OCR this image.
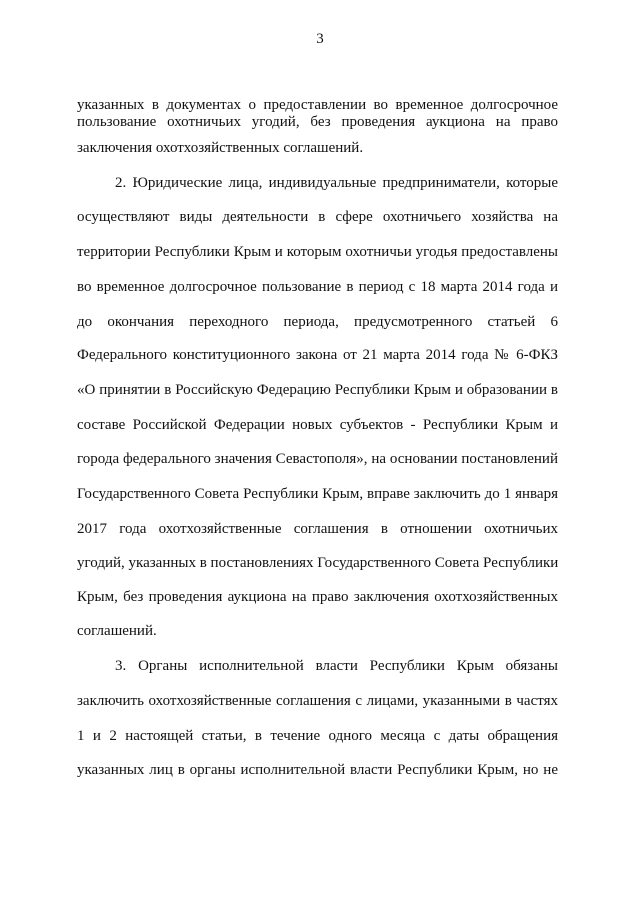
3
указанных в документах о предоставлении во временное долгосрочное
пользование охотничьих угодий, без проведения аукциона на право
заключения охотхозяйственных соглашений.
2. Юридические лица, индивидуальные предприниматели, которые
осуществляют виды деятельности в сфере охотничьего хозяйства на
территории Республики Крым и которым охотничьи угодья предоставлены
во временное долгосрочное пользование в период с 18 марта 2014 года и
до окончания переходного периода, предусмотренного статьей 6
Федерального конституционного закона от 21 марта 2014 года № 6-ФКЗ
«О принятии в Российскую Федерацию Республики Крым и образовании в
составе Российской Федерации новых субъектов - Республики Крым и
города федерального значения Севастополя», на основании постановлений
Государственного Совета Республики Крым, вправе заключить до 1 января
2017 года охотхозяйственные соглашения в отношении охотничьих
угодий, указанных в постановлениях Государственного Совета Республики
Крым, без проведения аукциона на право заключения охотхозяйственных
соглашений.
3. Органы исполнительной власти Республики Крым обязаны
заключить охотхозяйственные соглашения с лицами, указанными в частях
1 и 2 настоящей статьи, в течение одного месяца с даты обращения
указанных лиц в органы исполнительной власти Республики Крым, но не
